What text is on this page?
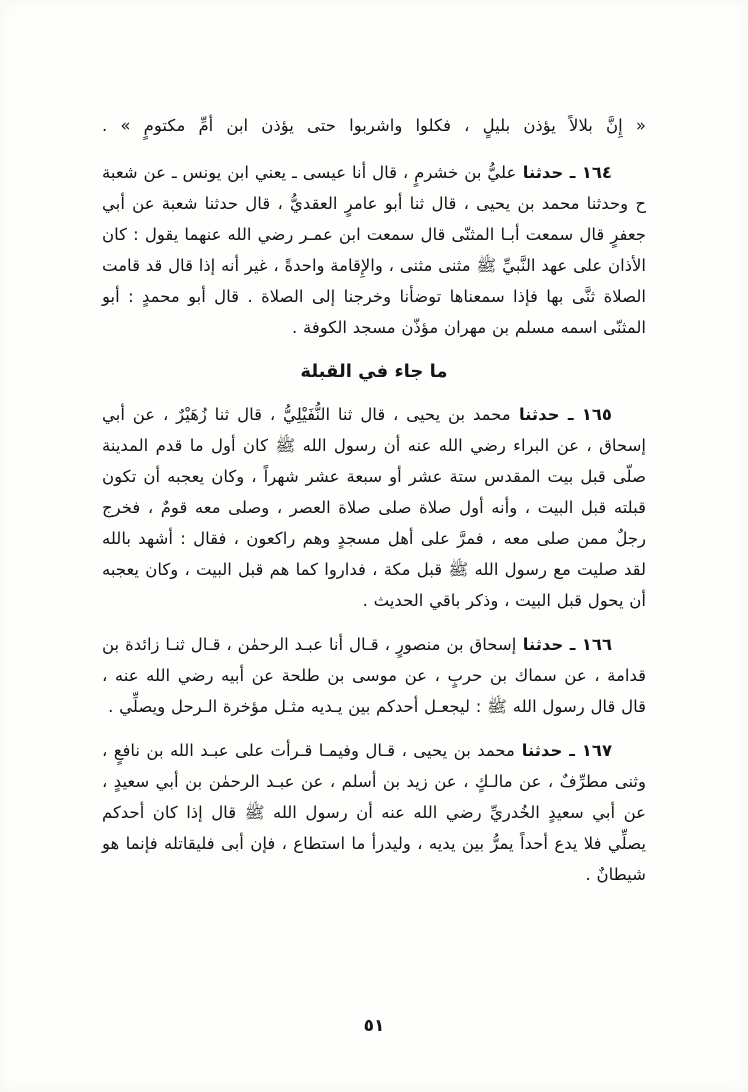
« إِنَّ بلالاً يؤذن بليلٍ ، فكلوا واشربوا حتى يؤذن ابن أمِّ مكتومٍ » .

١٦٤ ـ حدثنا عليُّ بن خشرمٍ ، قال أنا عيسى ـ يعني ابن يونس ـ عن شعبة ح وحدثنا محمد بن يحيى ، قال ثنا أبو عامرٍ العقديُّ ، قال حدثنا شعبة عن أبي جعفرٍ قال سمعت أبـا المثنّى قال سمعت ابن عمـر رضي الله عنهما يقول : كان الأذان على عهد النَّبيِّ ﷺ مثنى مثنى ، والإِقامة واحدةً ، غير أنه إذا قال قد قامت الصلاة ثنَّى بها فإذا سمعناها توضأنا وخرجنا إلى الصلاة . قال أبو محمدٍ : أبو المثنّى اسمه مسلم بن مهران مؤذّن مسجد الكوفة .

ما جاء في القبلة

١٦٥ ـ حدثنا محمد بن يحيى ، قال ثنا النُّفَيْلِيُّ ، قال ثنا زُهَيْرٌ ، عن أبي إسحاق ، عن البراء رضي الله عنه أن رسول الله ﷺ كان أول ما قدم المدينة صلّى قبل بيت المقدس ستة عشر أو سبعة عشر شهراً ، وكان يعجبه أن تكون قبلته قبل البيت ، وأنه أول صلاة صلى صلاة العصر ، وصلى معه قومٌ ، فخرج رجلٌ ممن صلى معه ، فمرَّ على أهل مسجدٍ وهم راكعون ، فقال : أشهد بالله لقد صليت مع رسول الله ﷺ قبل مكة ، فداروا كما هم قبل البيت ، وكان يعجبه أن يحول قبل البيت ، وذكر باقي الحديث .

١٦٦ ـ حدثنا إسحاق بن منصورٍ ، قـال أنا عبـد الرحمٰن ، قـال ثنـا زائدة بن قدامة ، عن سماك بن حربٍ ، عن موسى بن طلحة عن أبيه رضي الله عنه ، قال قال رسول الله ﷺ : ليجعـل أحدكم بين يـديه مثـل مؤخرة الـرحل ويصلِّي .

١٦٧ ـ حدثنا محمد بن يحيى ، قـال وفيمـا قـرأت على عبـد الله بن نافعٍ ، وثنى مطرِّفٌ ، عن مالـكٍ ، عن زيد بن أسلم ، عن عبـد الرحمٰن بن أبي سعيدٍ ، عن أبي سعيدٍ الخُدريِّ رضي الله عنه أن رسول الله ﷺ قال إذا كان أحدكم يصلِّي فلا يدع أحداً يمرُّ بين يديه ، وليدرأ ما استطاع ، فإن أبى فليقاتله فإنما هو شيطانٌ .

٥١
